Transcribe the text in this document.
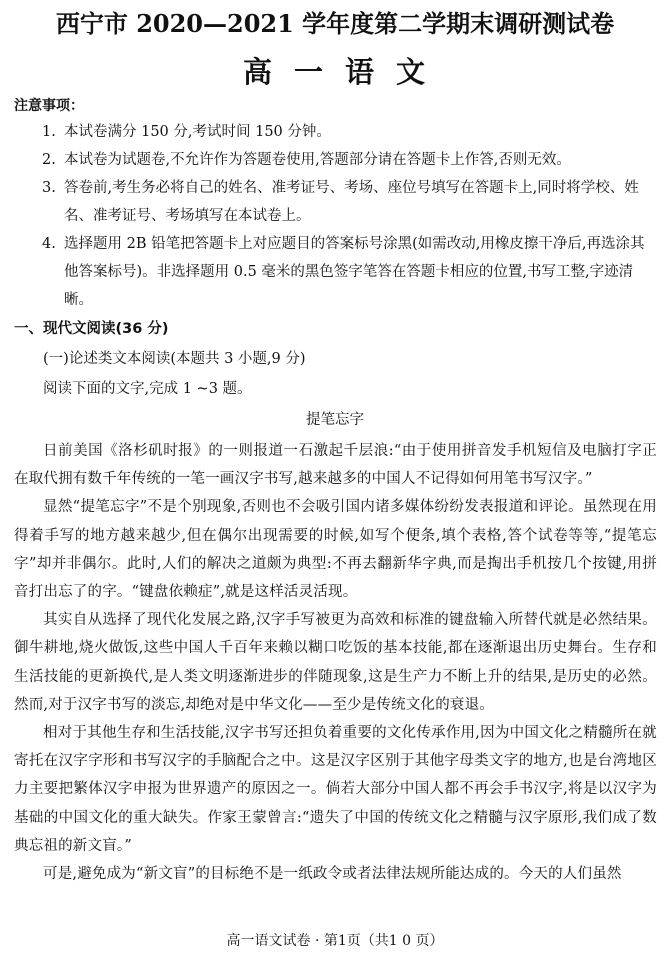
西宁市 2020—2021 学年度第二学期末调研测试卷
高一语文
注意事项：
1. 本试卷满分 150 分,考试时间 150 分钟。
2. 本试卷为试题卷,不允许作为答题卷使用,答题部分请在答题卡上作答,否则无效。
3. 答卷前,考生务必将自己的姓名、准考证号、考场、座位号填写在答题卡上,同时将学校、姓名、准考证号、考场填写在本试卷上。
4. 选择题用 2B 铅笔把答题卡上对应题目的答案标号涂黑(如需改动,用橡皮擦干净后,再选涂其他答案标号)。非选择题用 0.5 毫米的黑色签字笔答在答题卡相应的位置,书写工整,字迹清晰。
一、现代文阅读(36 分)
(一)论述类文本阅读(本题共 3 小题,9 分)
阅读下面的文字,完成 1 ~3 题。
提笔忘字

日前美国《洛杉矶时报》的一则报道一石激起千层浪:“由于使用拼音发手机短信及电脑打字正在取代拥有数千年传统的一笔一画汉字书写,越来越多的中国人不记得如何用笔书写汉字。”

显然“提笔忘字”不是个别现象,否则也不会吸引国内诸多媒体纷纷发表报道和评论。虽然现在用得着手写的地方越来越少,但在偶尔出现需要的时候,如写个便条,填个表格,答个试卷等等,“提笔忘字”却并非偶尔。此时,人们的解决之道颇为典型:不再去翻新华字典,而是掏出手机按几个按键,用拼音打出忘了的字。“键盘依赖症”,就是这样活灵活现。

其实自从选择了现代化发展之路,汉字手写被更为高效和标准的键盘输入所替代就是必然结果。御牛耕地,烧火做饭,这些中国人千百年来赖以糊口吃饭的基本技能,都在逐渐退出历史舞台。生存和生活技能的更新换代,是人类文明逐渐进步的伴随现象,这是生产力不断上升的结果,是历史的必然。然而,对于汉字书写的淡忘,却绝对是中华文化——至少是传统文化的衰退。

相对于其他生存和生活技能,汉字书写还担负着重要的文化传承作用,因为中国文化之精髓所在就寄托在汉字字形和书写汉字的手脑配合之中。这是汉字区别于其他字母类文字的地方,也是台湾地区力主要把繁体汉字申报为世界遗产的原因之一。倘若大部分中国人都不再会手书汉字,将是以汉字为基础的中国文化的重大缺失。作家王蒙曾言:“遗失了中国的传统文化之精髓与汉字原形,我们成了数典忘祖的新文盲。”

可是,避免成为“新文盲”的目标绝不是一纸政令或者法律法规所能达成的。今天的人们虽然

高一语文试卷 · 第1页（共1 0 页）
